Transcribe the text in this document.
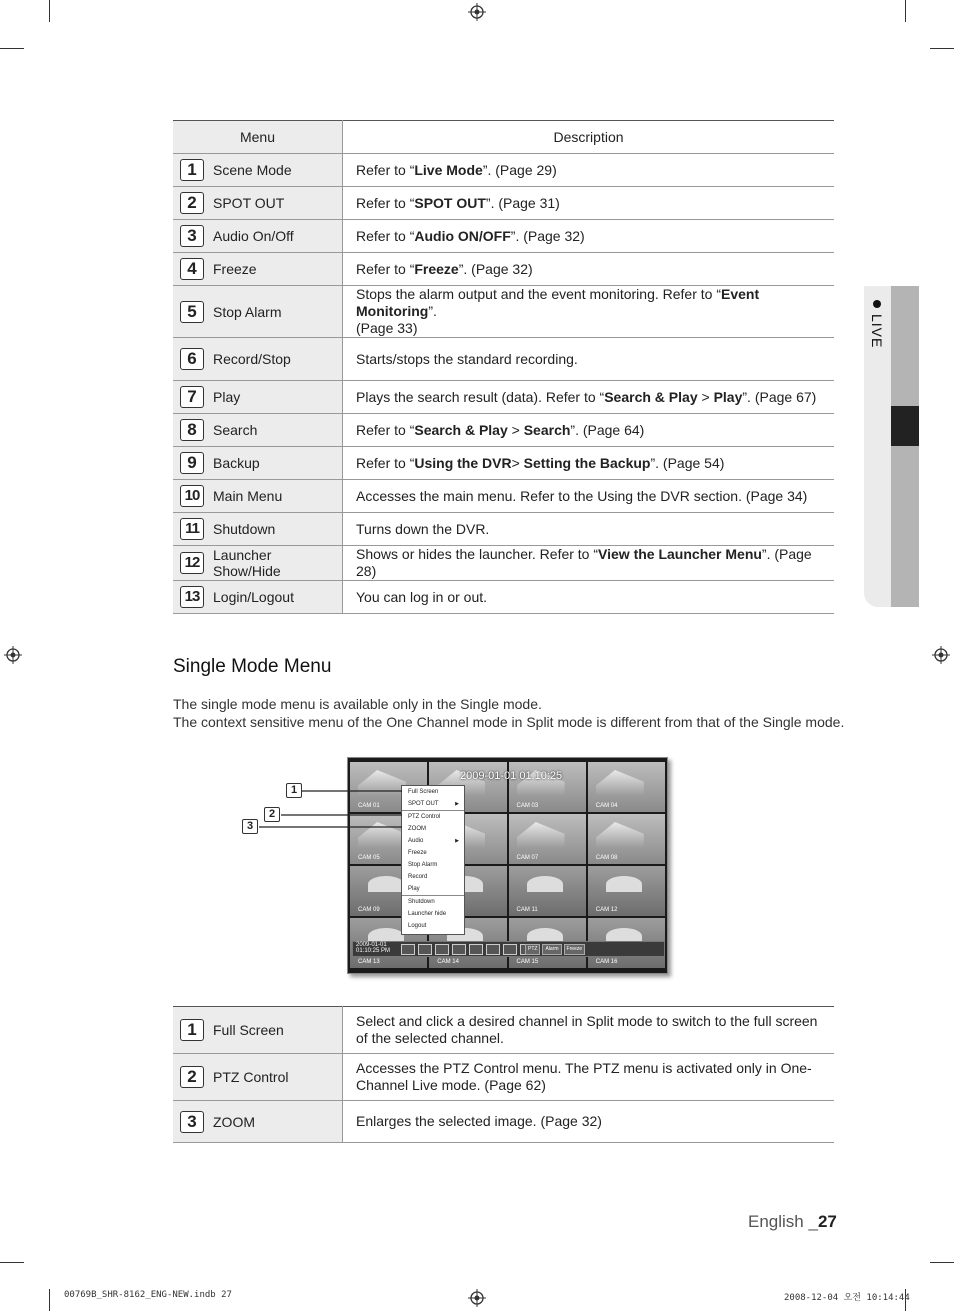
LIVE
Menu		Description
1	Scene Mode	Refer to “Live Mode”. (Page 29)
2	SPOT OUT	Refer to “SPOT OUT”. (Page 31)
3	Audio On/Off	Refer to “Audio ON/OFF”. (Page 32)
4	Freeze	Refer to “Freeze”. (Page 32)
5	Stop Alarm	Stops the alarm output and the event monitoring. Refer to “Event Monitoring”.
(Page 33)
6	Record/Stop	Starts/stops the standard recording.
7	Play	Plays the search result (data). Refer to “Search & Play > Play”. (Page 67)
8	Search	Refer to “Search & Play > Search”. (Page 64)
9	Backup	Refer to “Using the DVR> Setting the Backup”. (Page 54)
10	Main Menu	Accesses the main menu. Refer to the Using the DVR section. (Page 34)
11	Shutdown	Turns down the DVR.
12	Launcher Show/Hide	Shows or hides the launcher. Refer to “View the Launcher Menu”. (Page 28)
13	Login/Logout	You can log in or out.
Single Mode Menu
The single mode menu is available only in the Single mode.
The context sensitive menu of the One Channel mode in Split mode is different from that of the Single mode.
CAM 01	CAM 03	CAM 04
CAM 05	CAM 07	CAM 08
CAM 09	CAM 11	CAM 12
CAM 13	CAM 14	CAM 15	CAM 16
2009-01-01 01:10:25
Full Screen
SPOT OUT ▶
PTZ Control
ZOOM
Audio ▶
Freeze
Stop Alarm
Record
Play
Shutdown
Launcher hide
Logout
2009-01-01
01:10:25 PM	PTZ	Alarm	Freeze
1
2
3
1	Full Screen	Select and click a desired channel in Split mode to switch to the full screen of the selected channel.
2	PTZ Control	Accesses the PTZ Control menu. The PTZ menu is activated only in One-Channel Live mode. (Page 62)
3	ZOOM	Enlarges the selected image. (Page 32)
English _27
00769B_SHR-8162_ENG-NEW.indb 27	2008-12-04 오전 10:14:44
